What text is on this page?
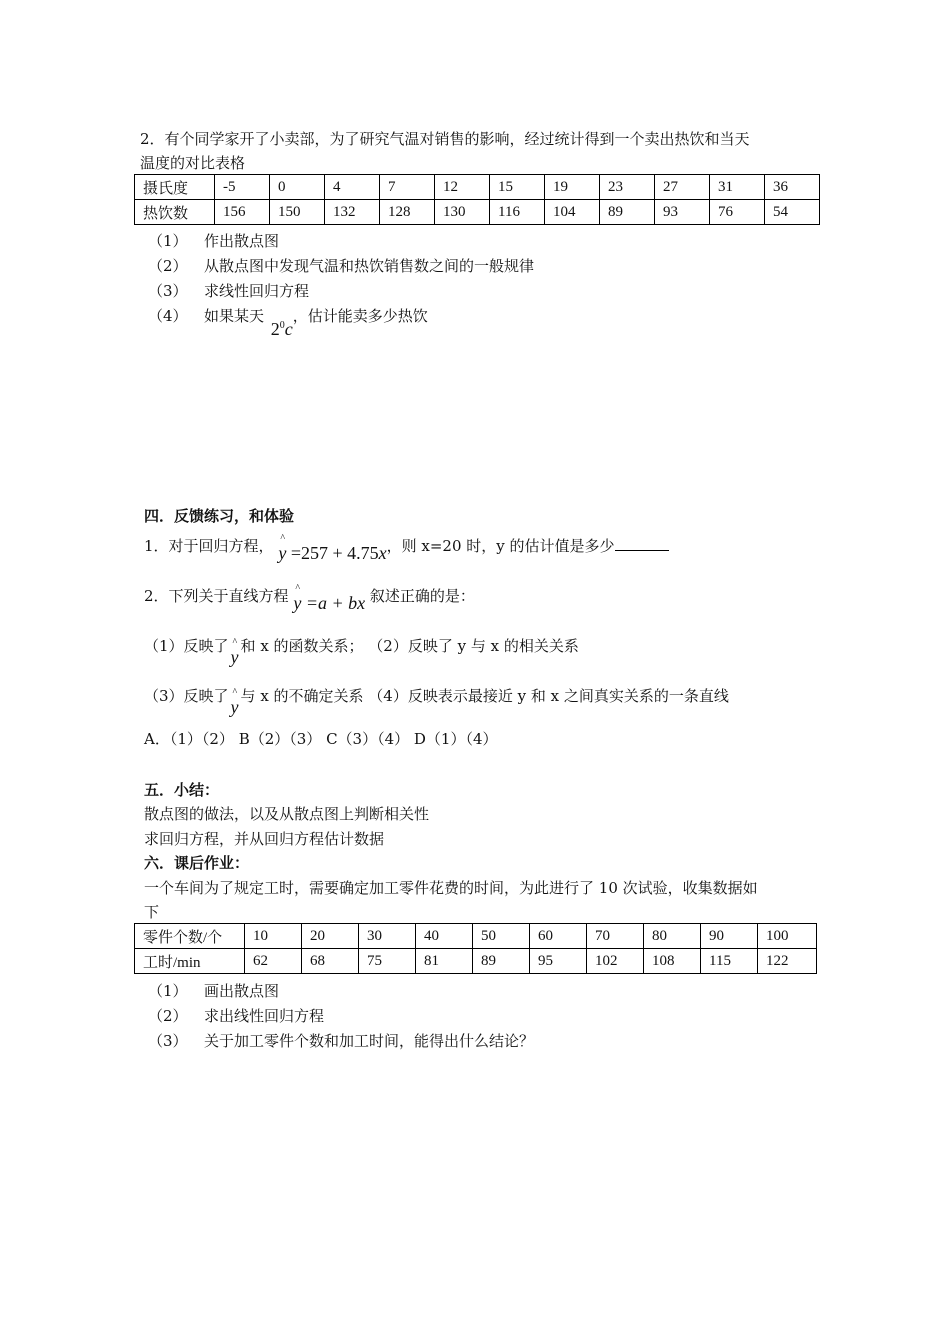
2．有个同学家开了小卖部，为了研究气温对销售的影响，经过统计得到一个卖出热饮和当天
温度的对比表格
摄氏度	-5	0	4	7	12	15	19	23	27	31	36
热饮数	156	150	132	128	130	116	104	89	93	76	54
（1） 作出散点图
（2） 从散点图中发现气温和热饮销售数之间的一般规律
（3） 求线性回归方程
（4） 如果某天 $2^0c$，估计能卖多少热饮
四．反馈练习，和体验
1．对于回归方程， ^
y =257 + 4.75x，则 x=20 时，y 的估计值是多少
2．下列关于直线方程 ^
y =a + bx 叙述正确的是：
（1）反映了 ^
y和 x 的函数关系； （2）反映了 y 与 x 的相关关系
（3）反映了 ^
y与 x 的不确定关系 （4）反映表示最接近 y 和 x 之间真实关系的一条直线
A．（1）（2） B（2）（3） C（3）（4） D（1）（4）
五．小结：
散点图的做法，以及从散点图上判断相关性
求回归方程，并从回归方程估计数据
六．课后作业：
一个车间为了规定工时，需要确定加工零件花费的时间，为此进行了 10 次试验，收集数据如
下
零件个数/个	10	20	30	40	50	60	70	80	90	100
工时/min	62	68	75	81	89	95	102	108	115	122
（1） 画出散点图
（2） 求出线性回归方程
（3） 关于加工零件个数和加工时间，能得出什么结论？
